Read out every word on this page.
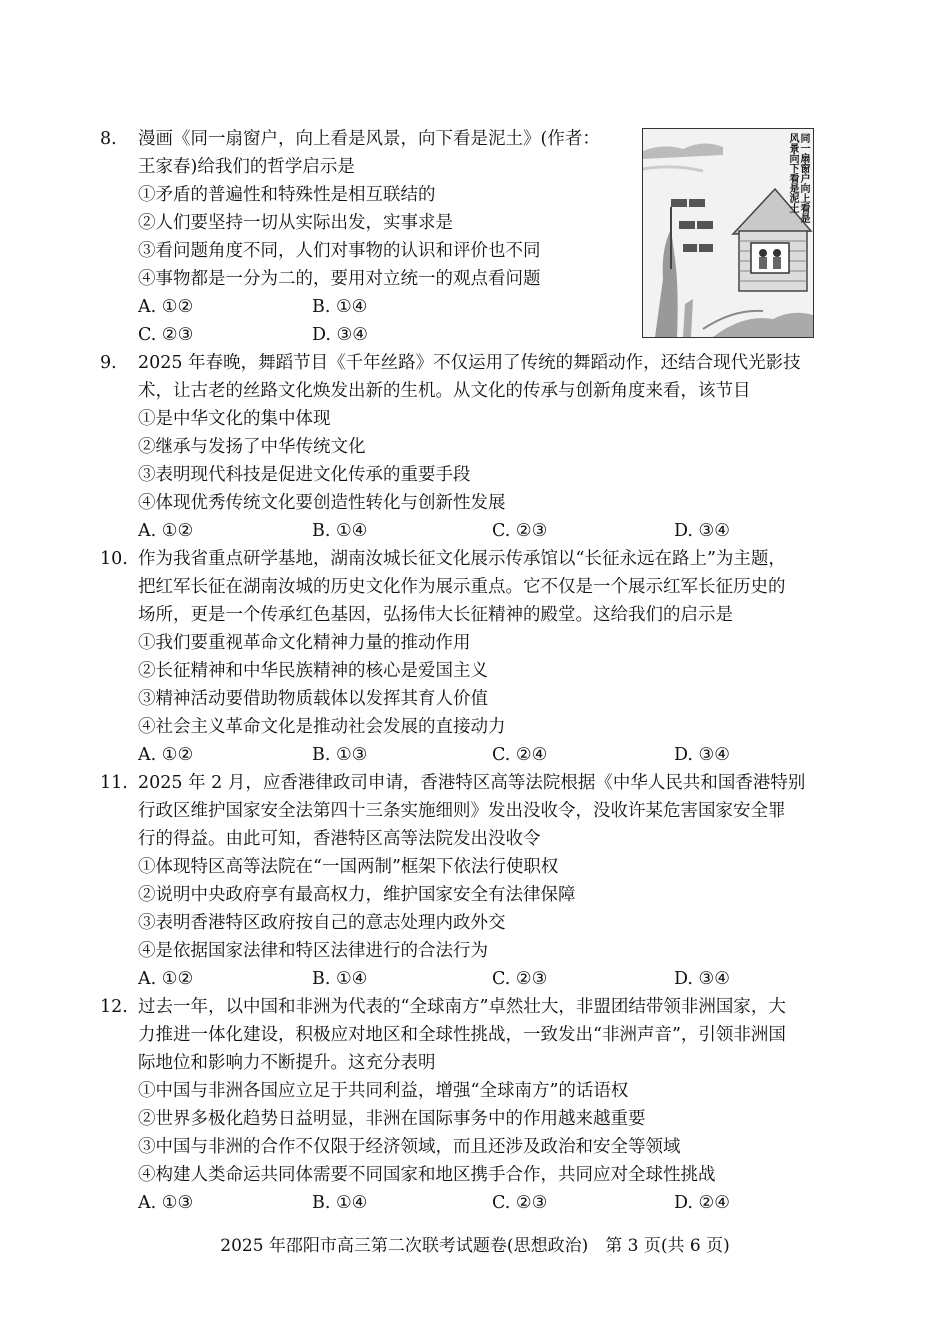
8. 漫画《同一扇窗户，向上看是风景，向下看是泥土》(作者：
王家春)给我们的哲学启示是
①矛盾的普遍性和特殊性是相互联结的
②人们要坚持一切从实际出发，实事求是
③看问题角度不同，人们对事物的认识和评价也不同
④事物都是一分为二的，要用对立统一的观点看问题
A. ①②	B. ①④
C. ②③	D. ③④
同一扇窗户向上看是风景向下看是泥土
9. 2025 年春晚，舞蹈节目《千年丝路》不仅运用了传统的舞蹈动作，还结合现代光影技
术，让古老的丝路文化焕发出新的生机。从文化的传承与创新角度来看，该节目
①是中华文化的集中体现
②继承与发扬了中华传统文化
③表明现代科技是促进文化传承的重要手段
④体现优秀传统文化要创造性转化与创新性发展
A. ①②	B. ①④	C. ②③	D. ③④
10. 作为我省重点研学基地，湖南汝城长征文化展示传承馆以“长征永远在路上”为主题，
把红军长征在湖南汝城的历史文化作为展示重点。它不仅是一个展示红军长征历史的
场所，更是一个传承红色基因，弘扬伟大长征精神的殿堂。这给我们的启示是
①我们要重视革命文化精神力量的推动作用
②长征精神和中华民族精神的核心是爱国主义
③精神活动要借助物质载体以发挥其育人价值
④社会主义革命文化是推动社会发展的直接动力
A. ①②	B. ①③	C. ②④	D. ③④
11. 2025 年 2 月，应香港律政司申请，香港特区高等法院根据《中华人民共和国香港特别
行政区维护国家安全法第四十三条实施细则》发出没收令，没收许某危害国家安全罪
行的得益。由此可知，香港特区高等法院发出没收令
①体现特区高等法院在“一国两制”框架下依法行使职权
②说明中央政府享有最高权力，维护国家安全有法律保障
③表明香港特区政府按自己的意志处理内政外交
④是依据国家法律和特区法律进行的合法行为
A. ①②	B. ①④	C. ②③	D. ③④
12. 过去一年，以中国和非洲为代表的“全球南方”卓然壮大，非盟团结带领非洲国家，大
力推进一体化建设，积极应对地区和全球性挑战，一致发出“非洲声音”，引领非洲国
际地位和影响力不断提升。这充分表明
①中国与非洲各国应立足于共同利益，增强“全球南方”的话语权
②世界多极化趋势日益明显，非洲在国际事务中的作用越来越重要
③中国与非洲的合作不仅限于经济领域，而且还涉及政治和安全等领域
④构建人类命运共同体需要不同国家和地区携手合作，共同应对全球性挑战
A. ①③	B. ①④	C. ②③	D. ②④
2025 年邵阳市高三第二次联考试题卷(思想政治)　第 3 页(共 6 页)
